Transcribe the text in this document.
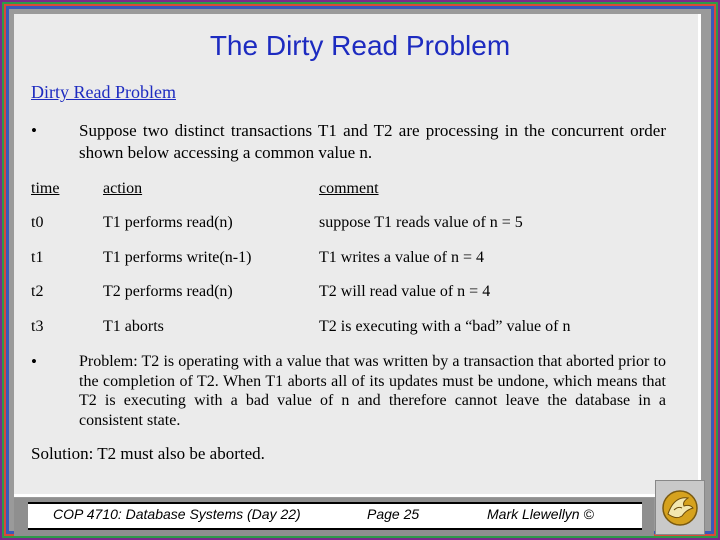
The Dirty Read Problem
Dirty Read Problem
• Suppose two distinct transactions T1 and T2 are processing in the concurrent order shown below accessing a common value n.
time	action	comment
t0	T1 performs read(n)	suppose T1 reads value of n = 5
t1	T1 performs write(n-1)	T1 writes a value of n = 4
t2	T2 performs read(n)	T2 will read value of n = 4
t3	T1 aborts	T2 is executing with a “bad” value of n
•	Problem: T2 is operating with a value that was written by a transaction that aborted prior to the completion of T2. When T1 aborts all of its updates must be undone, which means that T2 is executing with a bad value of n and therefore cannot leave the database in a consistent state.
Solution: T2 must also be aborted.
COP 4710: Database Systems (Day 22)	Page 25	Mark Llewellyn ©
